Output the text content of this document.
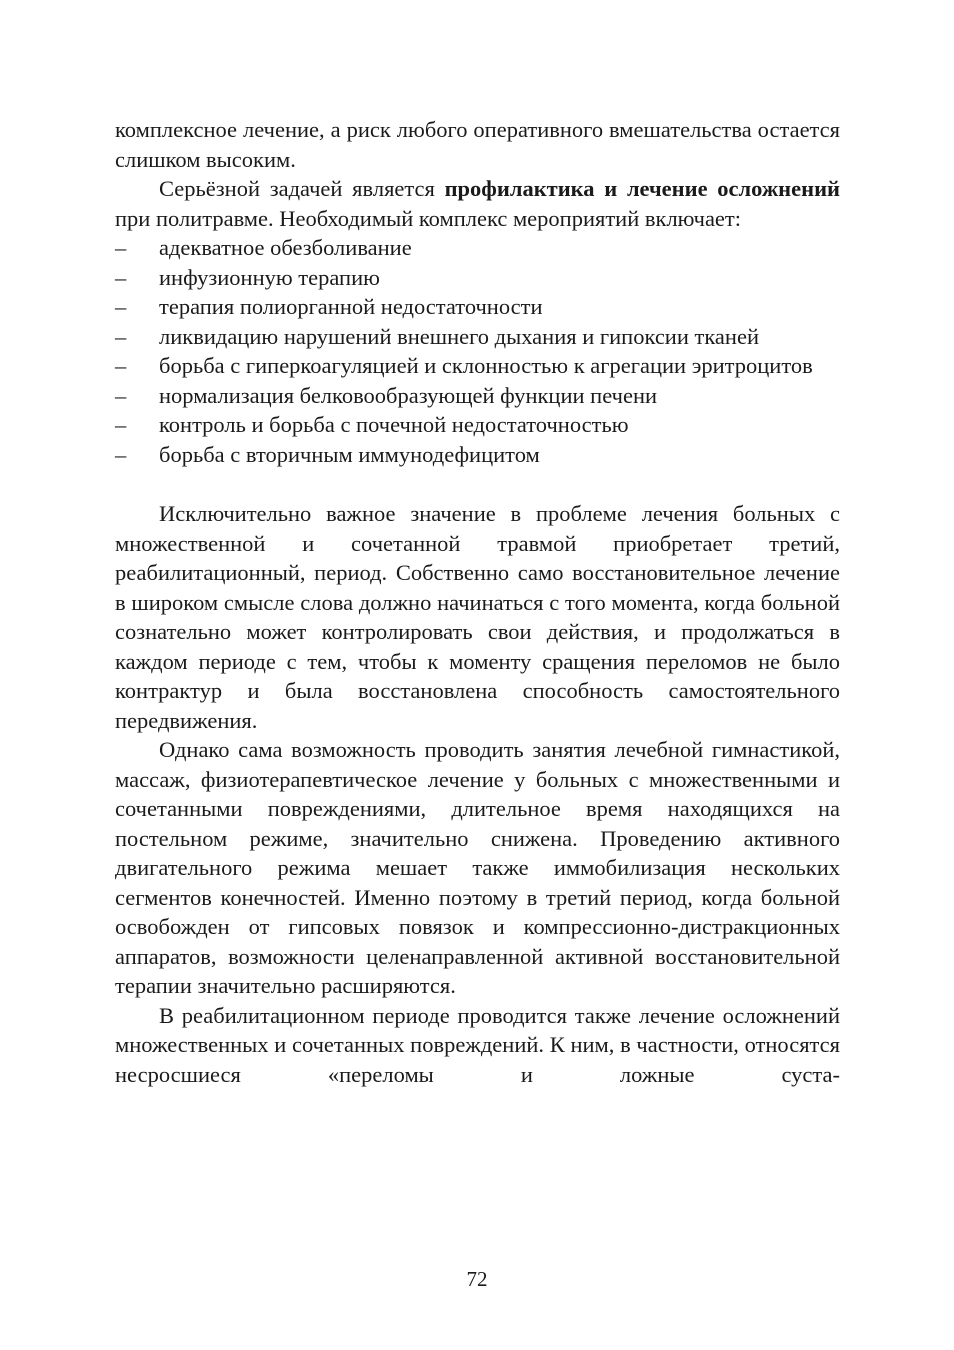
комплексное лечение, а риск любого оперативного вмешательства остается слишком высоким.

Серьёзной задачей является профилактика и лечение осложнений при политравме. Необходимый комплекс мероприятий включает:

–	адекватное обезболивание
–	инфузионную терапию
–	терапия полиорганной недостаточности
–	ликвидацию нарушений внешнего дыхания и гипоксии тканей
–	борьба с гиперкоагуляцией и склонностью к агрегации эритроцитов
–	нормализация белковообразующей функции печени
–	контроль и борьба с почечной недостаточностью
–	борьба с вторичным иммунодефицитом

Исключительно важное значение в проблеме лечения больных с множественной и сочетанной травмой приобретает третий, реабилитационный, период. Собственно само восстановительное лечение в широком смысле слова должно начинаться с того момента, когда больной сознательно может контролировать свои действия, и продолжаться в каждом периоде с тем, чтобы к моменту сращения переломов не было контрактур и была восстановлена способность самостоятельного передвижения.

Однако сама возможность проводить занятия лечебной гимнастикой, массаж, физиотерапевтическое лечение у больных с множественными и сочетанными повреждениями, длительное время находящихся на постельном режиме, значительно снижена. Проведению активного двигательного режима мешает также иммобилизация нескольких сегментов конечностей. Именно поэтому в третий период, когда больной освобожден от гипсовых повязок и компрессионно-дистракционных аппаратов, возможности целенаправленной активной восстановительной терапии значительно расширяются.

В реабилитационном периоде проводится также лечение осложнений множественных и сочетанных повреждений. К ним, в частности, относятся несросшиеся «переломы и ложные суста-

72
